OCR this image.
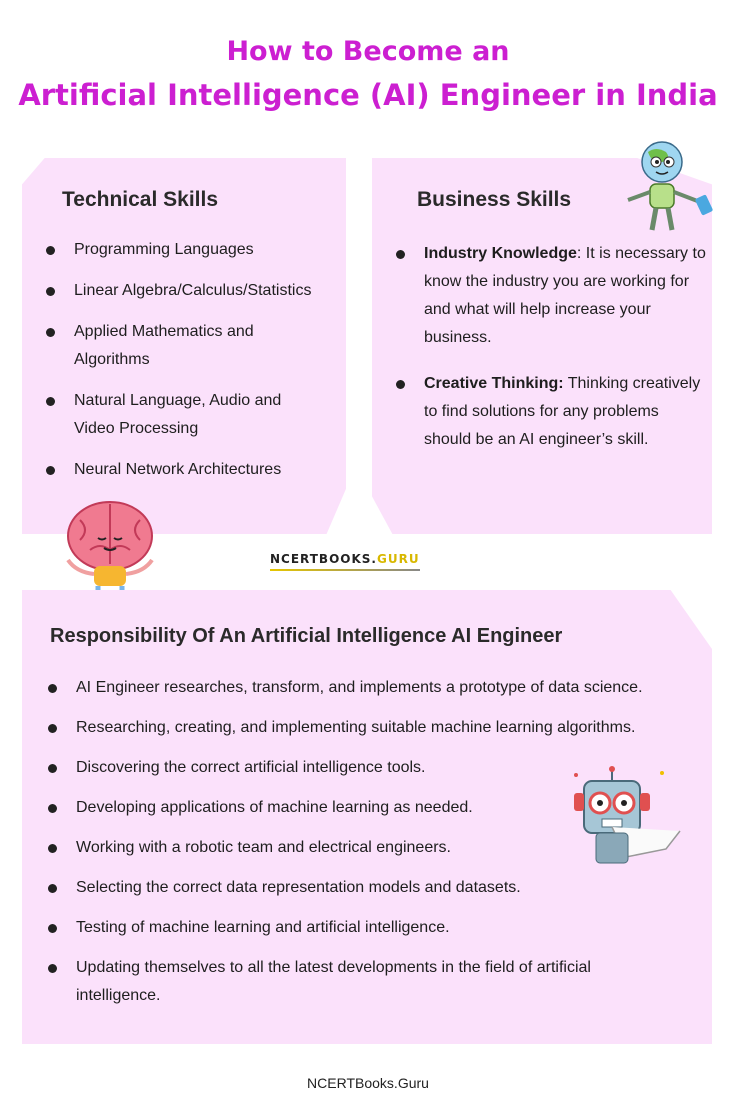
How to Become an
Artificial Intelligence (AI) Engineer in India
Technical Skills
Programming Languages
Linear Algebra/Calculus/Statistics
Applied Mathematics and Algorithms
Natural Language, Audio and Video Processing
Neural Network Architectures
Business Skills
Industry Knowledge: It is necessary to know the industry you are working for and what will help increase your business.
Creative Thinking: Thinking creatively to find solutions for any problems should be an AI engineer’s skill.
NCERTBOOKS.GURU
Responsibility Of An Artificial Intelligence AI Engineer
AI Engineer researches, transform, and implements a prototype of data science.
Researching, creating, and implementing suitable machine learning algorithms.
Discovering the correct artificial intelligence tools.
Developing applications of machine learning as needed.
Working with a robotic team and electrical engineers.
Selecting the correct data representation models and datasets.
Testing of machine learning and artificial intelligence.
Updating themselves to all the latest developments in the field of artificial intelligence.
NCERTBooks.Guru
